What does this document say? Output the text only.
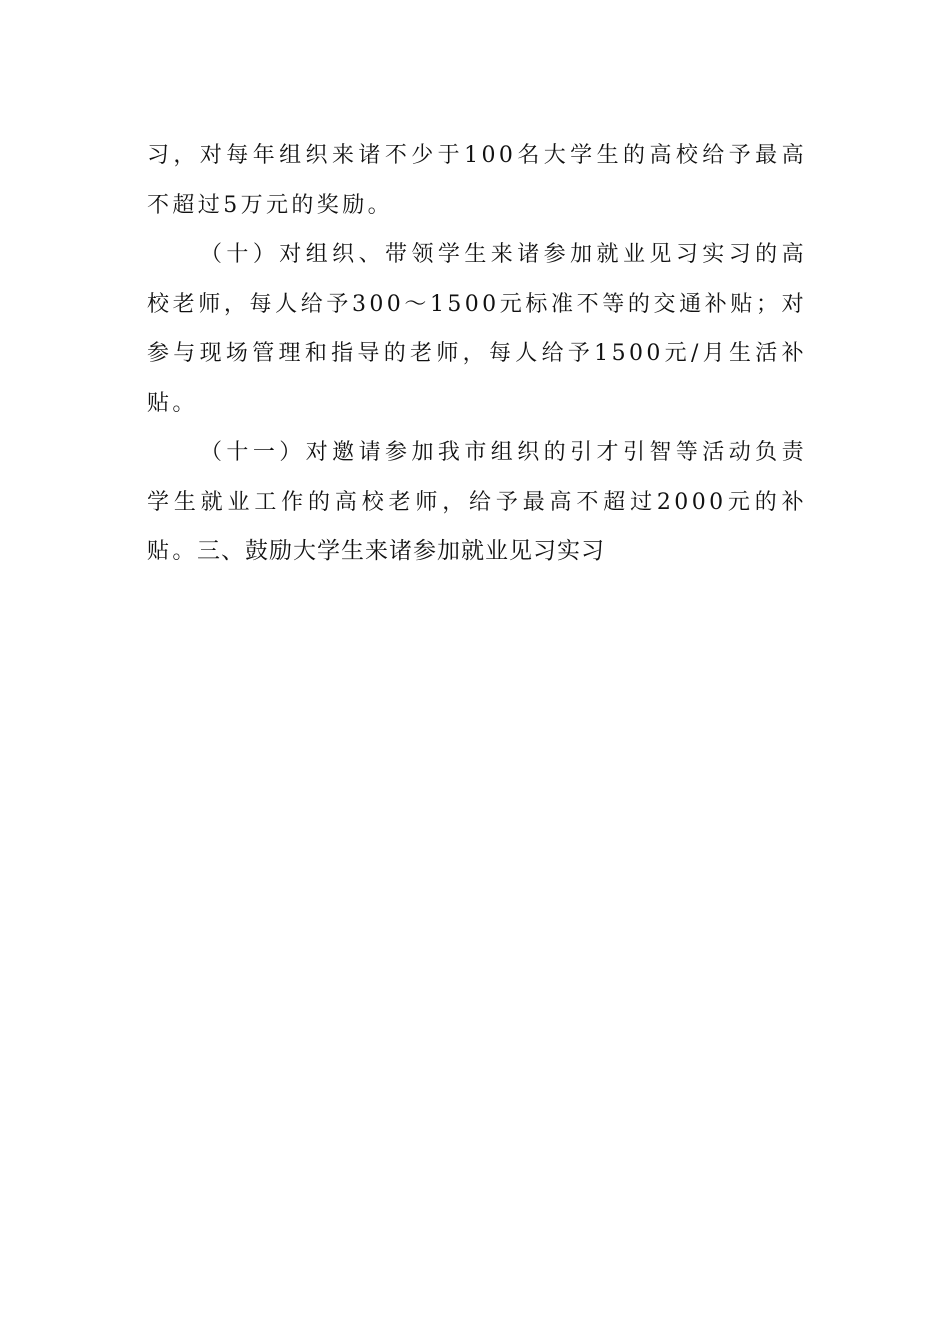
习，对每年组织来诸不少于100名大学生的高校给予最高不超过5万元的奖励。

（十）对组织、带领学生来诸参加就业见习实习的高校老师，每人给予300～1500元标准不等的交通补贴；对参与现场管理和指导的老师，每人给予1500元/月生活补贴。

（十一）对邀请参加我市组织的引才引智等活动负责学生就业工作的高校老师，给予最高不超过2000元的补贴。 三、鼓励大学生来诸参加就业见习实习
